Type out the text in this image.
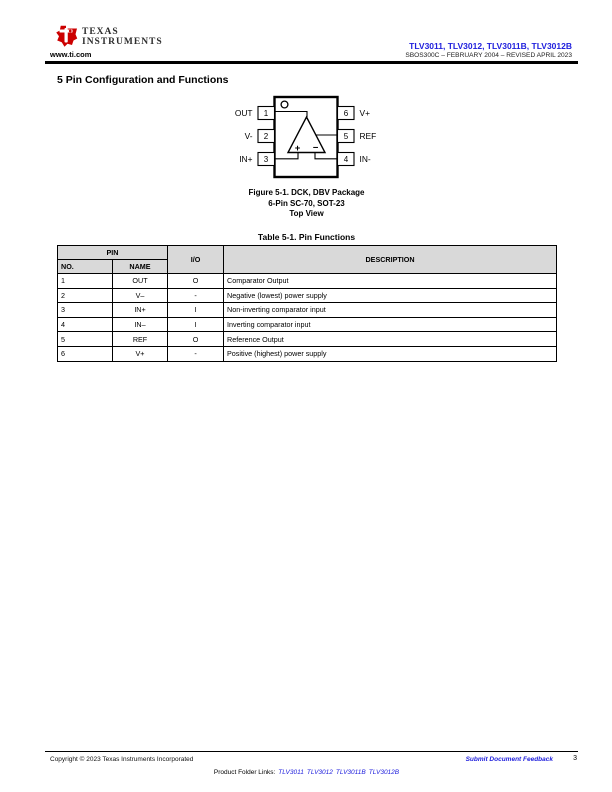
TEXAS
INSTRUMENTS
www.ti.com
TLV3011, TLV3012, TLV3011B, TLV3012B
SBOS300C – FEBRUARY 2004 – REVISED APRIL 2023
5 Pin Configuration and Functions
+ −
1
2
3
OUT
V-
IN+
6
5
4
V+
REF
IN-
Figure 5-1. DCK, DBV Package
6-Pin SC-70, SOT-23
Top View
Table 5-1. Pin Functions
PIN		I/O	DESCRIPTION
NO.	NAME		
1	OUT	O	Comparator Output
2	V–	-	Negative (lowest) power supply
3	IN+	I	Non-inverting comparator input
4	IN–	I	Inverting comparator input
5	REF	O	Reference Output
6	V+	-	Positive (highest) power supply
Copyright © 2023 Texas Instruments Incorporated	Submit Document Feedback	3
Product Folder Links: TLV3011 TLV3012 TLV3011B TLV3012B
